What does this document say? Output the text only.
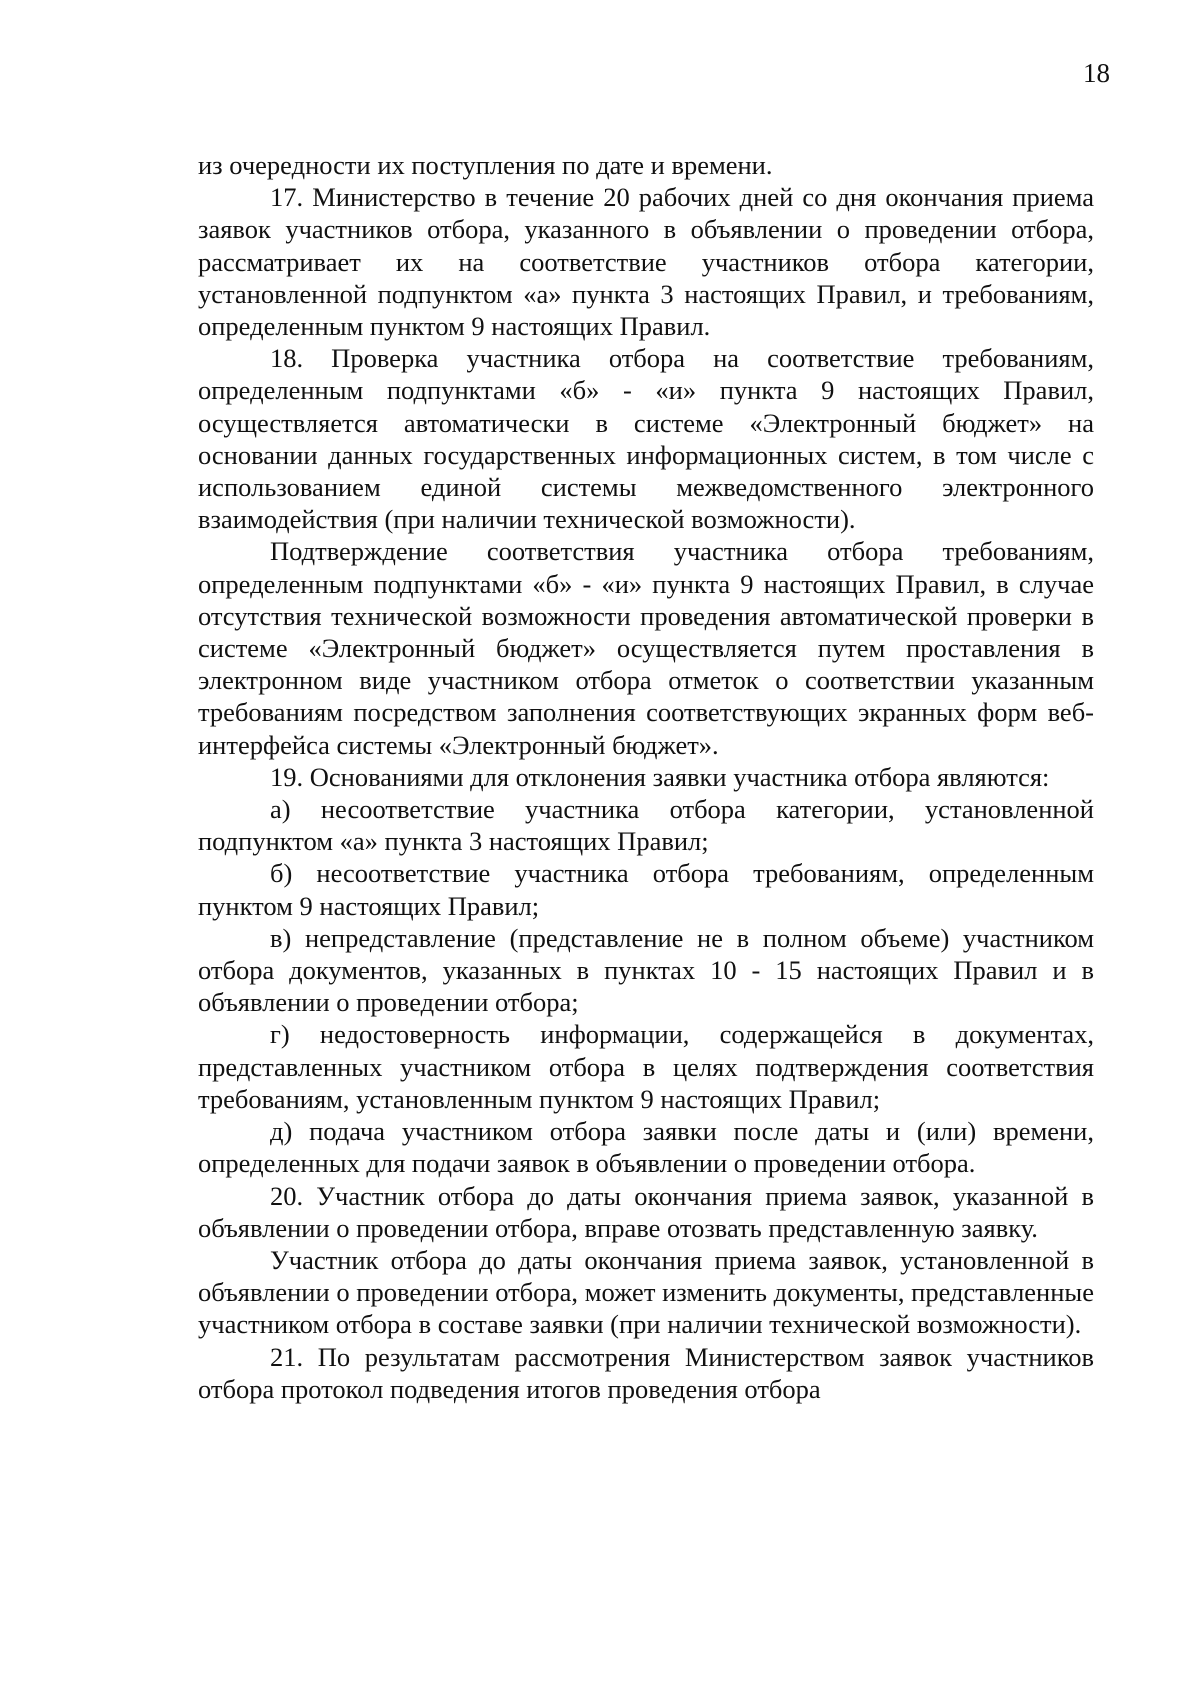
18

из очередности их поступления по дате и времени.

17. Министерство в течение 20 рабочих дней со дня окончания приема заявок участников отбора, указанного в объявлении о проведении отбора, рассматривает их на соответствие участников отбора категории, установленной подпунктом «а» пункта 3 настоящих Правил, и требованиям, определенным пунктом 9 настоящих Правил.

18. Проверка участника отбора на соответствие требованиям, определенным подпунктами «б» - «и» пункта 9 настоящих Правил, осуществляется автоматически в системе «Электронный бюджет» на основании данных государственных информационных систем, в том числе с использованием единой системы межведомственного электронного взаимодействия (при наличии технической возможности).

Подтверждение соответствия участника отбора требованиям, определенным подпунктами «б» - «и» пункта 9 настоящих Правил, в случае отсутствия технической возможности проведения автоматической проверки в системе «Электронный бюджет» осуществляется путем проставления в электронном виде участником отбора отметок о соответствии указанным требованиям посредством заполнения соответствующих экранных форм веб-интерфейса системы «Электронный бюджет».

19. Основаниями для отклонения заявки участника отбора являются:

а) несоответствие участника отбора категории, установленной подпунктом «а» пункта 3 настоящих Правил;

б) несоответствие участника отбора требованиям, определенным пунктом 9 настоящих Правил;

в) непредставление (представление не в полном объеме) участником отбора документов, указанных в пунктах 10 - 15 настоящих Правил и в объявлении о проведении отбора;

г) недостоверность информации, содержащейся в документах, представленных участником отбора в целях подтверждения соответствия требованиям, установленным пунктом 9 настоящих Правил;

д) подача участником отбора заявки после даты и (или) времени, определенных для подачи заявок в объявлении о проведении отбора.

20. Участник отбора до даты окончания приема заявок, указанной в объявлении о проведении отбора, вправе отозвать представленную заявку.

Участник отбора до даты окончания приема заявок, установленной в объявлении о проведении отбора, может изменить документы, представленные участником отбора в составе заявки (при наличии технической возможности).

21. По результатам рассмотрения Министерством заявок участников отбора протокол подведения итогов проведения отбора
